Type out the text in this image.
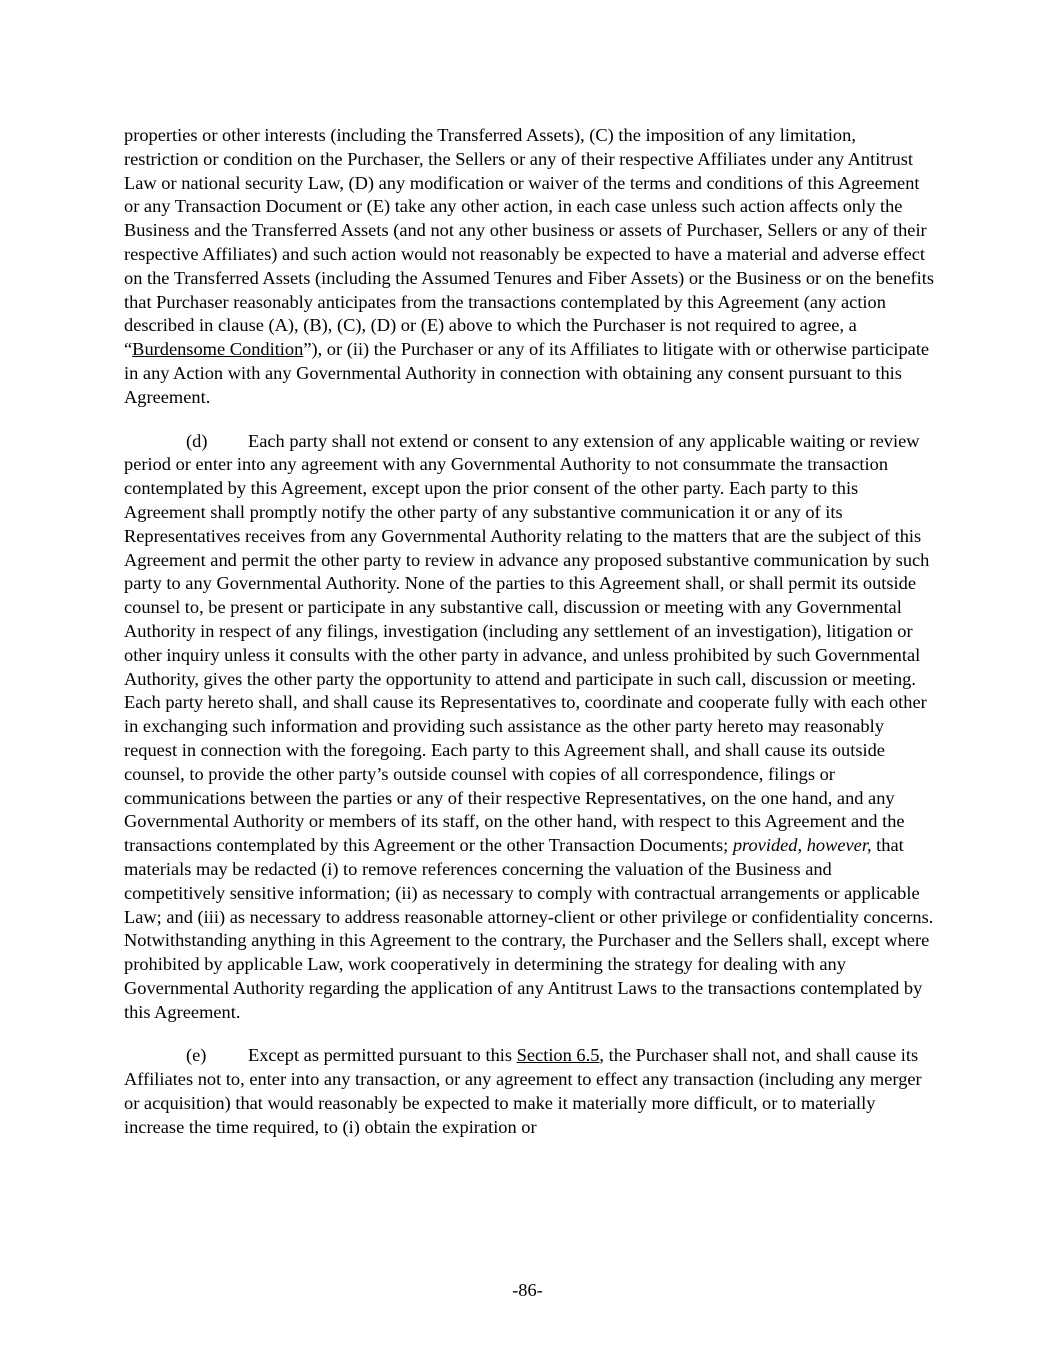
properties or other interests (including the Transferred Assets), (C) the imposition of any limitation, restriction or condition on the Purchaser, the Sellers or any of their respective Affiliates under any Antitrust Law or national security Law, (D) any modification or waiver of the terms and conditions of this Agreement or any Transaction Document or (E) take any other action, in each case unless such action affects only the Business and the Transferred Assets (and not any other business or assets of Purchaser, Sellers or any of their respective Affiliates) and such action would not reasonably be expected to have a material and adverse effect on the Transferred Assets (including the Assumed Tenures and Fiber Assets) or the Business or on the benefits that Purchaser reasonably anticipates from the transactions contemplated by this Agreement (any action described in clause (A), (B), (C), (D) or (E) above to which the Purchaser is not required to agree, a “Burdensome Condition”), or (ii) the Purchaser or any of its Affiliates to litigate with or otherwise participate in any Action with any Governmental Authority in connection with obtaining any consent pursuant to this Agreement.

(d) Each party shall not extend or consent to any extension of any applicable waiting or review period or enter into any agreement with any Governmental Authority to not consummate the transaction contemplated by this Agreement, except upon the prior consent of the other party. Each party to this Agreement shall promptly notify the other party of any substantive communication it or any of its Representatives receives from any Governmental Authority relating to the matters that are the subject of this Agreement and permit the other party to review in advance any proposed substantive communication by such party to any Governmental Authority. None of the parties to this Agreement shall, or shall permit its outside counsel to, be present or participate in any substantive call, discussion or meeting with any Governmental Authority in respect of any filings, investigation (including any settlement of an investigation), litigation or other inquiry unless it consults with the other party in advance, and unless prohibited by such Governmental Authority, gives the other party the opportunity to attend and participate in such call, discussion or meeting. Each party hereto shall, and shall cause its Representatives to, coordinate and cooperate fully with each other in exchanging such information and providing such assistance as the other party hereto may reasonably request in connection with the foregoing. Each party to this Agreement shall, and shall cause its outside counsel, to provide the other party’s outside counsel with copies of all correspondence, filings or communications between the parties or any of their respective Representatives, on the one hand, and any Governmental Authority or members of its staff, on the other hand, with respect to this Agreement and the transactions contemplated by this Agreement or the other Transaction Documents; provided, however, that materials may be redacted (i) to remove references concerning the valuation of the Business and competitively sensitive information; (ii) as necessary to comply with contractual arrangements or applicable Law; and (iii) as necessary to address reasonable attorney-client or other privilege or confidentiality concerns. Notwithstanding anything in this Agreement to the contrary, the Purchaser and the Sellers shall, except where prohibited by applicable Law, work cooperatively in determining the strategy for dealing with any Governmental Authority regarding the application of any Antitrust Laws to the transactions contemplated by this Agreement.

(e) Except as permitted pursuant to this Section 6.5, the Purchaser shall not, and shall cause its Affiliates not to, enter into any transaction, or any agreement to effect any transaction (including any merger or acquisition) that would reasonably be expected to make it materially more difficult, or to materially increase the time required, to (i) obtain the expiration or

-86-
